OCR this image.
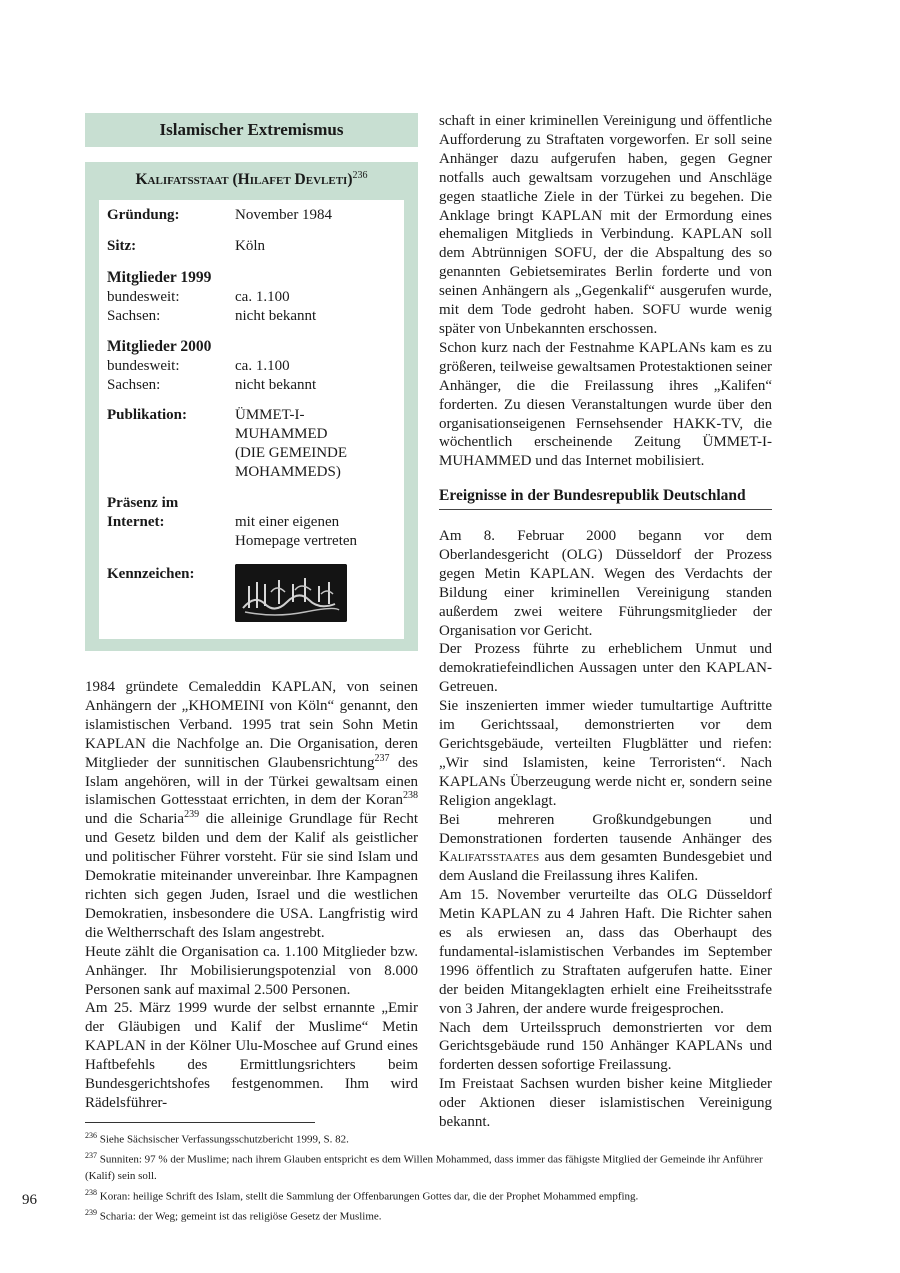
Islamischer Extremismus
Kalifatsstaat (Hilafet Devleti)$^{236}$
Gründung:	November 1984
Sitz:	Köln
Mitglieder 1999
bundesweit:	ca. 1.100
Sachsen:	nicht bekannt
Mitglieder 2000
bundesweit:	ca. 1.100
Sachsen:	nicht bekannt
Publikation:	ÜMMET-I-
MUHAMMED
(DIE GEMEINDE
MOHAMMEDS)
Präsenz im
Internet:	mit einer eigenen
Homepage vertreten
Kennzeichen:

1984 gründete Cemaleddin KAPLAN, von seinen Anhängern der „KHOMEINI von Köln“ genannt, den islamistischen Verband. 1995 trat sein Sohn Metin KAPLAN die Nachfolge an. Die Organisation, deren Mitglieder der sunnitischen Glaubensrichtung$^{237}$ des Islam angehören, will in der Türkei gewaltsam einen islamischen Gottesstaat errichten, in dem der Koran$^{238}$ und die Scharia$^{239}$ die alleinige Grundlage für Recht und Gesetz bilden und dem der Kalif als geistlicher und politischer Führer vorsteht. Für sie sind Islam und Demokratie miteinander unvereinbar. Ihre Kampagnen richten sich gegen Juden, Israel und die westlichen Demokratien, insbesondere die USA. Langfristig wird die Weltherrschaft des Islam angestrebt.

Heute zählt die Organisation ca. 1.100 Mitglieder bzw. Anhänger. Ihr Mobilisierungspotenzial von 8.000 Personen sank auf maximal 2.500 Personen.

Am 25. März 1999 wurde der selbst ernannte „Emir der Gläubigen und Kalif der Muslime“ Metin KAPLAN in der Kölner Ulu-Moschee auf Grund eines Haftbefehls des Ermittlungsrichters beim Bundesgerichtshofes festgenommen. Ihm wird Rädelsführer-

schaft in einer kriminellen Vereinigung und öffentliche Aufforderung zu Straftaten vorgeworfen. Er soll seine Anhänger dazu aufgerufen haben, gegen Gegner notfalls auch gewaltsam vorzugehen und Anschläge gegen staatliche Ziele in der Türkei zu begehen. Die Anklage bringt KAPLAN mit der Ermordung eines ehemaligen Mitglieds in Verbindung. KAPLAN soll dem Abtrünnigen SOFU, der die Abspaltung des so genannten Gebietsemirates Berlin forderte und von seinen Anhängern als „Gegenkalif“ ausgerufen wurde, mit dem Tode gedroht haben. SOFU wurde wenig später von Unbekannten erschossen.

Schon kurz nach der Festnahme KAPLANs kam es zu größeren, teilweise gewaltsamen Protestaktionen seiner Anhänger, die die Freilassung ihres „Kalifen“ forderten. Zu diesen Veranstaltungen wurde über den organisationseigenen Fernsehsender HAKK-TV, die wöchentlich erscheinende Zeitung ÜMMET-I-MUHAMMED und das Internet mobilisiert.

Ereignisse in der Bundesrepublik Deutschland

Am 8. Februar 2000 begann vor dem Oberlandesgericht (OLG) Düsseldorf der Prozess gegen Metin KAPLAN. Wegen des Verdachts der Bildung einer kriminellen Vereinigung standen außerdem zwei weitere Führungsmitglieder der Organisation vor Gericht.

Der Prozess führte zu erheblichem Unmut und demokratiefeindlichen Aussagen unter den KAPLAN-Getreuen.

Sie inszenierten immer wieder tumultartige Auftritte im Gerichtssaal, demonstrierten vor dem Gerichtsgebäude, verteilten Flugblätter und riefen: „Wir sind Islamisten, keine Terroristen“. Nach KAPLANs Überzeugung werde nicht er, sondern seine Religion angeklagt.

Bei mehreren Großkundgebungen und Demonstrationen forderten tausende Anhänger des Kalifatsstaates aus dem gesamten Bundesgebiet und dem Ausland die Freilassung ihres Kalifen.

Am 15. November verurteilte das OLG Düsseldorf Metin KAPLAN zu 4 Jahren Haft. Die Richter sahen es als erwiesen an, dass das Oberhaupt des fundamental-islamistischen Verbandes im September 1996 öffentlich zu Straftaten aufgerufen hatte. Einer der beiden Mitangeklagten erhielt eine Freiheitsstrafe von 3 Jahren, der andere wurde freigesprochen.

Nach dem Urteilsspruch demonstrierten vor dem Gerichtsgebäude rund 150 Anhänger KAPLANs und forderten dessen sofortige Freilassung.

Im Freistaat Sachsen wurden bisher keine Mitglieder oder Aktionen dieser islamistischen Vereinigung bekannt.

$^{236}$ Siehe Sächsischer Verfassungsschutzbericht 1999, S. 82.

$^{237}$ Sunniten: 97 % der Muslime; nach ihrem Glauben entspricht es dem Willen Mohammed, dass immer das fähigste Mitglied der Gemeinde ihr Anführer (Kalif) sein soll.

$^{238}$ Koran: heilige Schrift des Islam, stellt die Sammlung der Offenbarungen Gottes dar, die der Prophet Mohammed empfing.

$^{239}$ Scharia: der Weg; gemeint ist das religiöse Gesetz der Muslime.

96
